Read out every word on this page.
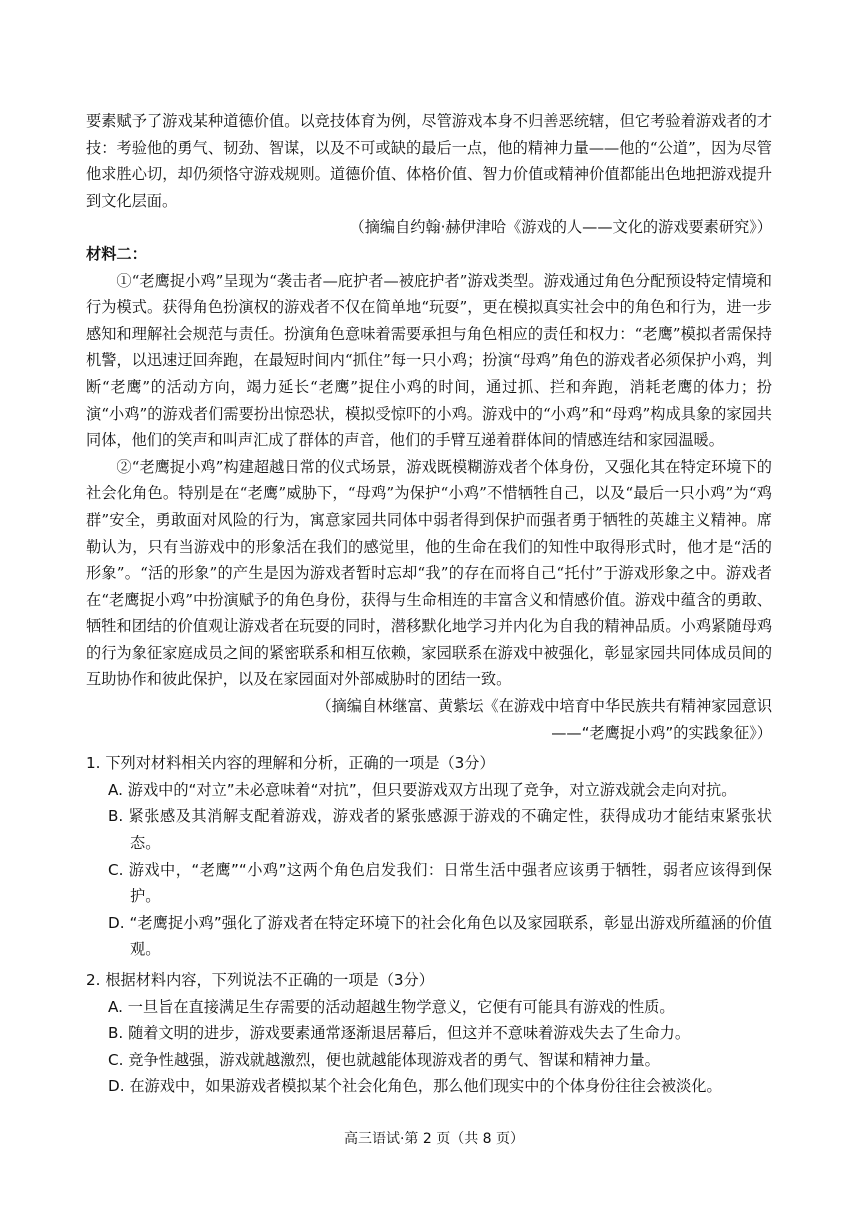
要素赋予了游戏某种道德价值。以竞技体育为例，尽管游戏本身不归善恶统辖，但它考验着游戏者的才技：考验他的勇气、韧劲、智谋，以及不可或缺的最后一点，他的精神力量——他的“公道”，因为尽管他求胜心切，却仍须恪守游戏规则。道德价值、体格价值、智力价值或精神价值都能出色地把游戏提升到文化层面。

（摘编自约翰·赫伊津哈《游戏的人——文化的游戏要素研究》）

材料二：

①“老鹰捉小鸡”呈现为“袭击者—庇护者—被庇护者”游戏类型。游戏通过角色分配预设特定情境和行为模式。获得角色扮演权的游戏者不仅在简单地“玩耍”，更在模拟真实社会中的角色和行为，进一步感知和理解社会规范与责任。扮演角色意味着需要承担与角色相应的责任和权力：“老鹰”模拟者需保持机警，以迅速迂回奔跑，在最短时间内“抓住”每一只小鸡；扮演“母鸡”角色的游戏者必须保护小鸡，判断“老鹰”的活动方向，竭力延长“老鹰”捉住小鸡的时间，通过抓、拦和奔跑，消耗老鹰的体力；扮演“小鸡”的游戏者们需要扮出惊恐状，模拟受惊吓的小鸡。游戏中的“小鸡”和“母鸡”构成具象的家园共同体，他们的笑声和叫声汇成了群体的声音，他们的手臂互递着群体间的情感连结和家园温暖。

②“老鹰捉小鸡”构建超越日常的仪式场景，游戏既模糊游戏者个体身份，又强化其在特定环境下的社会化角色。特别是在“老鹰”威胁下，“母鸡”为保护“小鸡”不惜牺牲自己，以及“最后一只小鸡”为“鸡群”安全，勇敢面对风险的行为，寓意家园共同体中弱者得到保护而强者勇于牺牲的英雄主义精神。席勒认为，只有当游戏中的形象活在我们的感觉里，他的生命在我们的知性中取得形式时，他才是“活的形象”。“活的形象”的产生是因为游戏者暂时忘却“我”的存在而将自己“托付”于游戏形象之中。游戏者在“老鹰捉小鸡”中扮演赋予的角色身份，获得与生命相连的丰富含义和情感价值。游戏中蕴含的勇敢、牺牲和团结的价值观让游戏者在玩耍的同时，潜移默化地学习并内化为自我的精神品质。小鸡紧随母鸡的行为象征家庭成员之间的紧密联系和相互依赖，家园联系在游戏中被强化，彰显家园共同体成员间的互助协作和彼此保护，以及在家园面对外部威胁时的团结一致。

（摘编自林继富、黄紫坛《在游戏中培育中华民族共有精神家园意识

——“老鹰捉小鸡”的实践象征》）

1. 下列对材料相关内容的理解和分析，正确的一项是（3分）

A. 游戏中的“对立”未必意味着“对抗”，但只要游戏双方出现了竞争，对立游戏就会走向对抗。

B. 紧张感及其消解支配着游戏，游戏者的紧张感源于游戏的不确定性，获得成功才能结束紧张状态。

C. 游戏中，“老鹰”“小鸡”这两个角色启发我们：日常生活中强者应该勇于牺牲，弱者应该得到保护。

D. “老鹰捉小鸡”强化了游戏者在特定环境下的社会化角色以及家园联系，彰显出游戏所蕴涵的价值观。

2. 根据材料内容，下列说法不正确的一项是（3分）

A. 一旦旨在直接满足生存需要的活动超越生物学意义，它便有可能具有游戏的性质。

B. 随着文明的进步，游戏要素通常逐渐退居幕后，但这并不意味着游戏失去了生命力。

C. 竞争性越强，游戏就越激烈，便也就越能体现游戏者的勇气、智谋和精神力量。

D. 在游戏中，如果游戏者模拟某个社会化角色，那么他们现实中的个体身份往往会被淡化。

高三语试·第 2 页（共 8 页）
